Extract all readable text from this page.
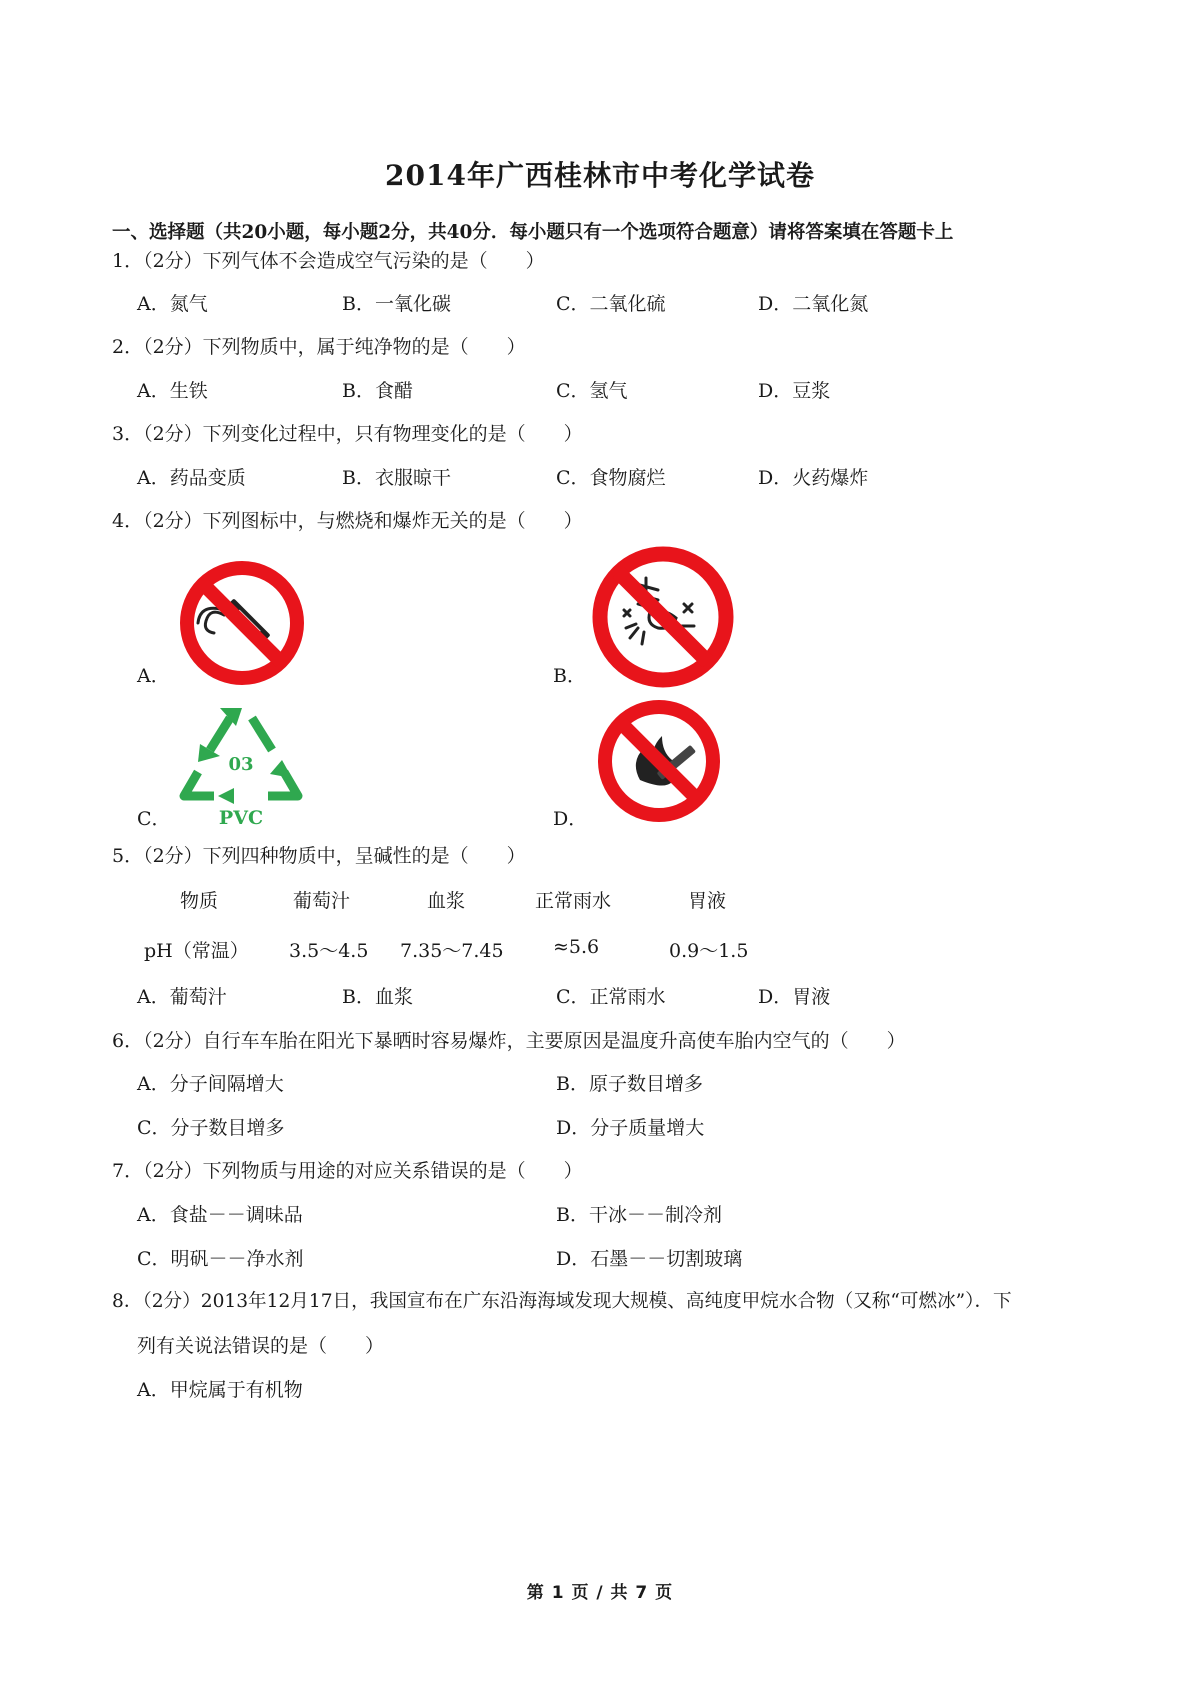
2014年广西桂林市中考化学试卷
一、选择题（共20小题，每小题2分，共40分．每小题只有一个选项符合题意）请将答案填在答题卡上
1．（2分）下列气体不会造成空气污染的是（　　）
A．氮气	B．一氧化碳	C．二氧化硫	D．二氧化氮
2．（2分）下列物质中，属于纯净物的是（　　）
A．生铁	B．食醋	C．氢气	D．豆浆
3．（2分）下列变化过程中，只有物理变化的是（　　）
A．药品变质	B．衣服晾干	C．食物腐烂	D．火药爆炸
4．（2分）下列图标中，与燃烧和爆炸无关的是（　　）
A．	B．
03
PVC
C．	D．
5．（2分）下列四种物质中，呈碱性的是（　　）
物质	葡萄汁	血浆	正常雨水	胃液
pH（常温） 3.5～4.5 7.35～7.45	≈5.6	0.9～1.5
A．葡萄汁	B．血浆	C．正常雨水	D．胃液
6．（2分）自行车车胎在阳光下暴晒时容易爆炸，主要原因是温度升高使车胎内空气的（　　）
A．分子间隔增大	B．原子数目增多
C．分子数目增多	D．分子质量增大
7．（2分）下列物质与用途的对应关系错误的是（　　）
A．食盐－－调味品	B．干冰－－制冷剂
C．明矾－－净水剂	D．石墨－－切割玻璃
8．（2分）2013年12月17日，我国宣布在广东沿海海域发现大规模、高纯度甲烷水合物（又称“可燃冰”）．下
列有关说法错误的是（　　）
A．甲烷属于有机物
第 1 页 / 共 7 页
